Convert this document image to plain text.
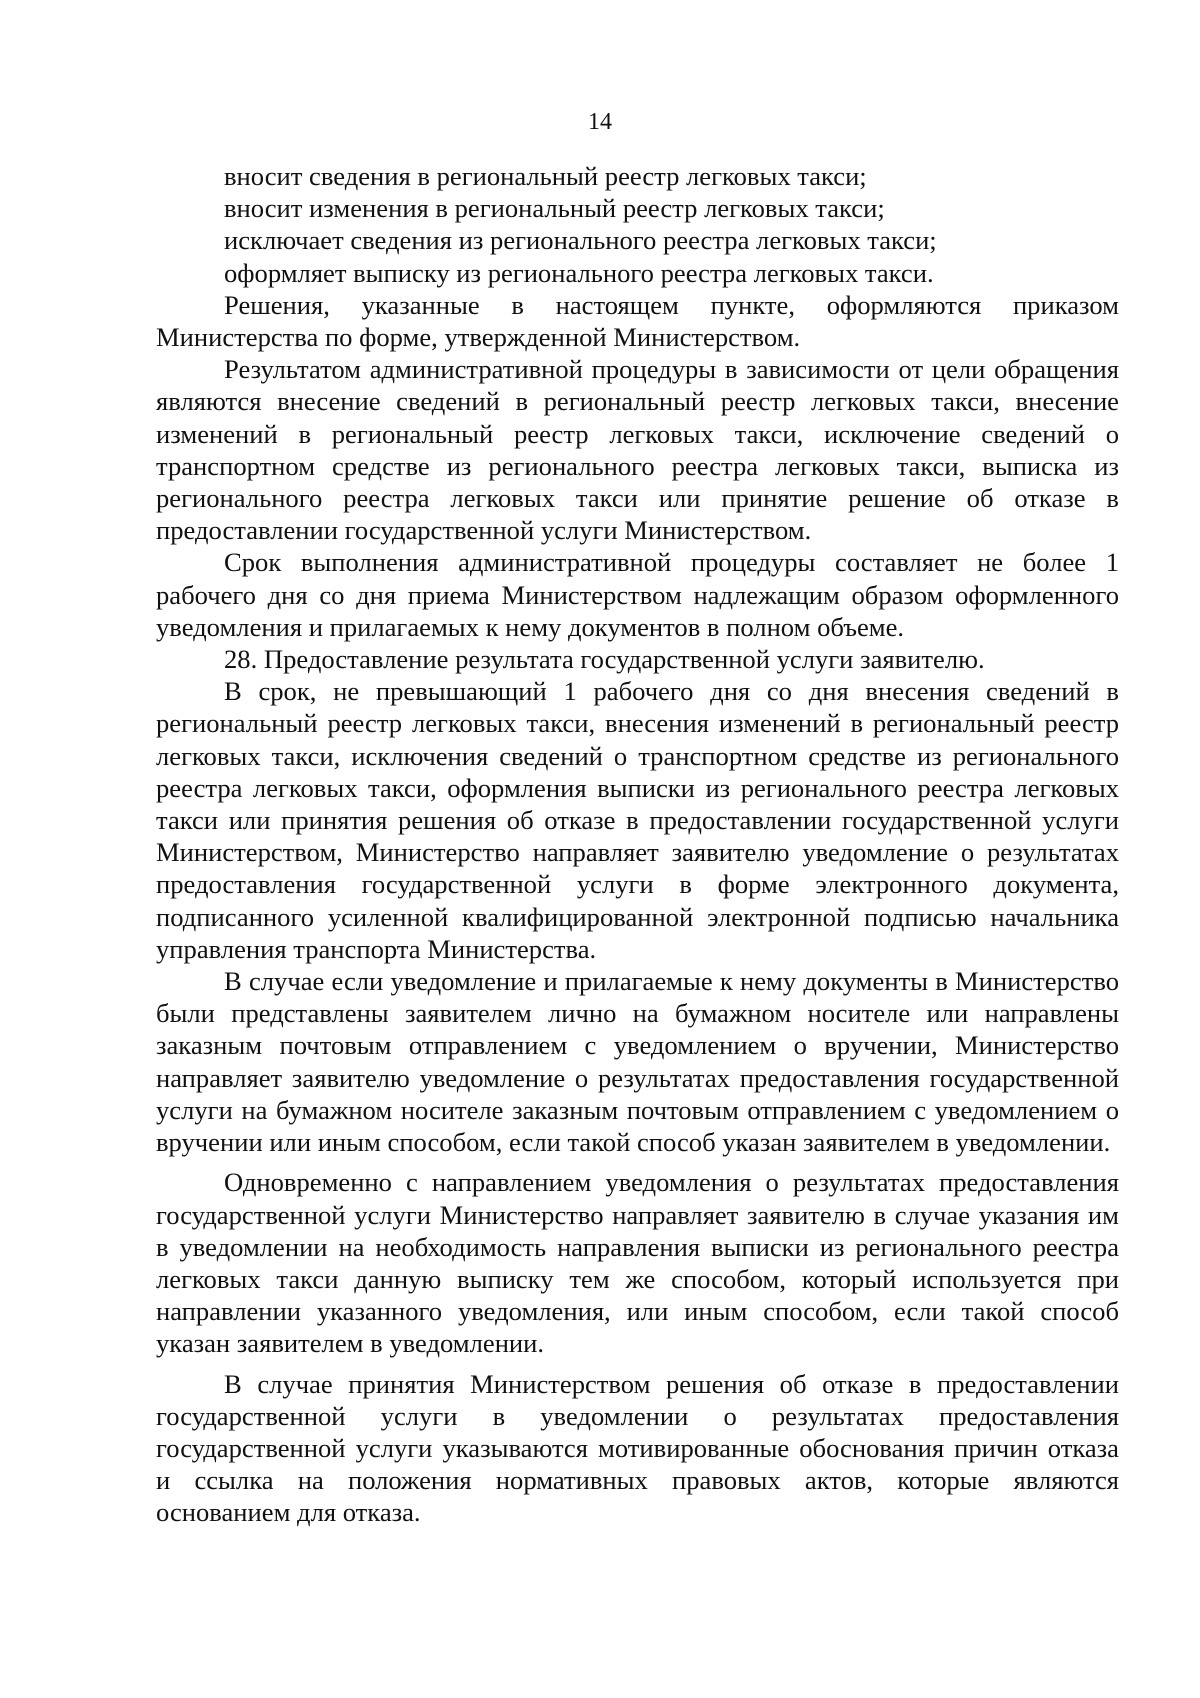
14

вносит сведения в региональный реестр легковых такси;

вносит изменения в региональный реестр легковых такси;

исключает сведения из регионального реестра легковых такси;

оформляет выписку из регионального реестра легковых такси.

Решения, указанные в настоящем пункте, оформляются приказом Министерства по форме, утвержденной Министерством.

Результатом административной процедуры в зависимости от цели обращения являются внесение сведений в региональный реестр легковых такси, внесение изменений в региональный реестр легковых такси, исключение сведений о транспортном средстве из регионального реестра легковых такси, выписка из регионального реестра легковых такси или принятие решение об отказе в предоставлении государственной услуги Министерством.

Срок выполнения административной процедуры составляет не более 1 рабочего дня со дня приема Министерством надлежащим образом оформленного уведомления и прилагаемых к нему документов в полном объеме.

28. Предоставление результата государственной услуги заявителю.

В срок, не превышающий 1 рабочего дня со дня внесения сведений в региональный реестр легковых такси, внесения изменений в региональный реестр легковых такси, исключения сведений о транспортном средстве из регионального реестра легковых такси, оформления выписки из регионального реестра легковых такси или принятия решения об отказе в предоставлении государственной услуги Министерством, Министерство направляет заявителю уведомление о результатах предоставления государственной услуги в форме электронного документа, подписанного усиленной квалифицированной электронной подписью начальника управления транспорта Министерства.

В случае если уведомление и прилагаемые к нему документы в Министерство были представлены заявителем лично на бумажном носителе или направлены заказным почтовым отправлением с уведомлением о вручении, Министерство направляет заявителю уведомление о результатах предоставления государственной услуги на бумажном носителе заказным почтовым отправлением с уведомлением о вручении или иным способом, если такой способ указан заявителем в уведомлении.

Одновременно с направлением уведомления о результатах предоставления государственной услуги Министерство направляет заявителю в случае указания им в уведомлении на необходимость направления выписки из регионального реестра легковых такси данную выписку тем же способом, который используется при направлении указанного уведомления, или иным способом, если такой способ указан заявителем в уведомлении.

В случае принятия Министерством решения об отказе в предоставлении государственной услуги в уведомлении о результатах предоставления государственной услуги указываются мотивированные обоснования причин отказа и ссылка на положения нормативных правовых актов, которые являются основанием для отказа.
